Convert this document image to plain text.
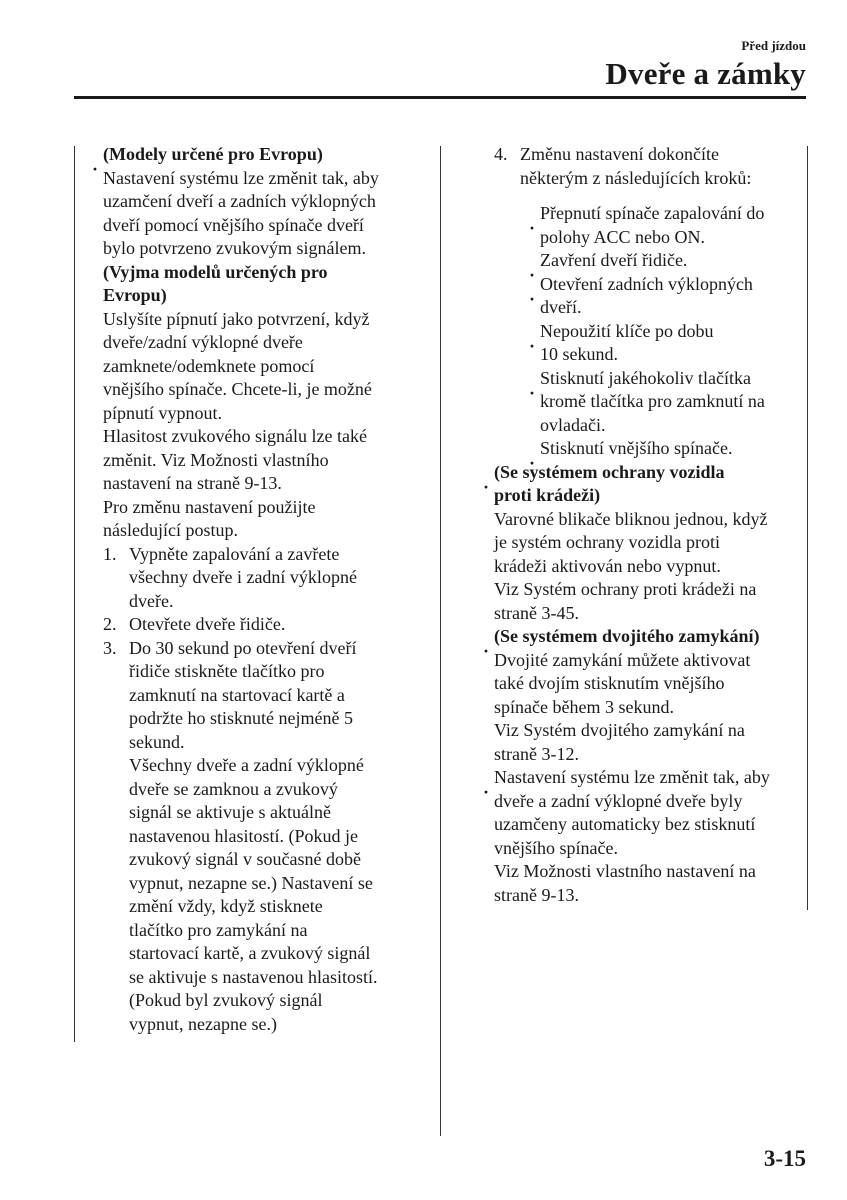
Před jízdou
Dveře a zámky
(Modely určené pro Evropu)
Nastavení systému lze změnit tak, aby
uzamčení dveří a zadních výklopných
dveří pomocí vnějšího spínače dveří
bylo potvrzeno zvukovým signálem.
(Vyjma modelů určených pro
Evropu)
Uslyšíte pípnutí jako potvrzení, když
dveře/zadní výklopné dveře
zamknete/odemknete pomocí
vnějšího spínače. Chcete-li, je možné
pípnutí vypnout.
Hlasitost zvukového signálu lze také
změnit. Viz Možnosti vlastního
nastavení na straně 9-13.
Pro změnu nastavení použijte
následující postup.
1. Vypněte zapalování a zavřete
všechny dveře i zadní výklopné
dveře.
2. Otevřete dveře řidiče.
3. Do 30 sekund po otevření dveří
řidiče stiskněte tlačítko pro
zamknutí na startovací kartě a
podržte ho stisknuté nejméně 5
sekund.
Všechny dveře a zadní výklopné
dveře se zamknou a zvukový
signál se aktivuje s aktuálně
nastavenou hlasitostí. (Pokud je
zvukový signál v současné době
vypnut, nezapne se.) Nastavení se
změní vždy, když stisknete
tlačítko pro zamykání na
startovací kartě, a zvukový signál
se aktivuje s nastavenou hlasitostí.
(Pokud byl zvukový signál
vypnut, nezapne se.)
4. Změnu nastavení dokončíte
některým z následujících kroků:
Přepnutí spínače zapalování do
polohy ACC nebo ON.
Zavření dveří řidiče.
Otevření zadních výklopných
dveří.
Nepoužití klíče po dobu
10 sekund.
Stisknutí jakéhokoliv tlačítka
kromě tlačítka pro zamknutí na
ovladači.
Stisknutí vnějšího spínače.
(Se systémem ochrany vozidla
proti krádeži)
Varovné blikače bliknou jednou, když
je systém ochrany vozidla proti
krádeži aktivován nebo vypnut.
Viz Systém ochrany proti krádeži na
straně 3-45.
(Se systémem dvojitého zamykání)
Dvojité zamykání můžete aktivovat
také dvojím stisknutím vnějšího
spínače během 3 sekund.
Viz Systém dvojitého zamykání na
straně 3-12.
Nastavení systému lze změnit tak, aby
dveře a zadní výklopné dveře byly
uzamčeny automaticky bez stisknutí
vnějšího spínače.
Viz Možnosti vlastního nastavení na
straně 9-13.
3-15
